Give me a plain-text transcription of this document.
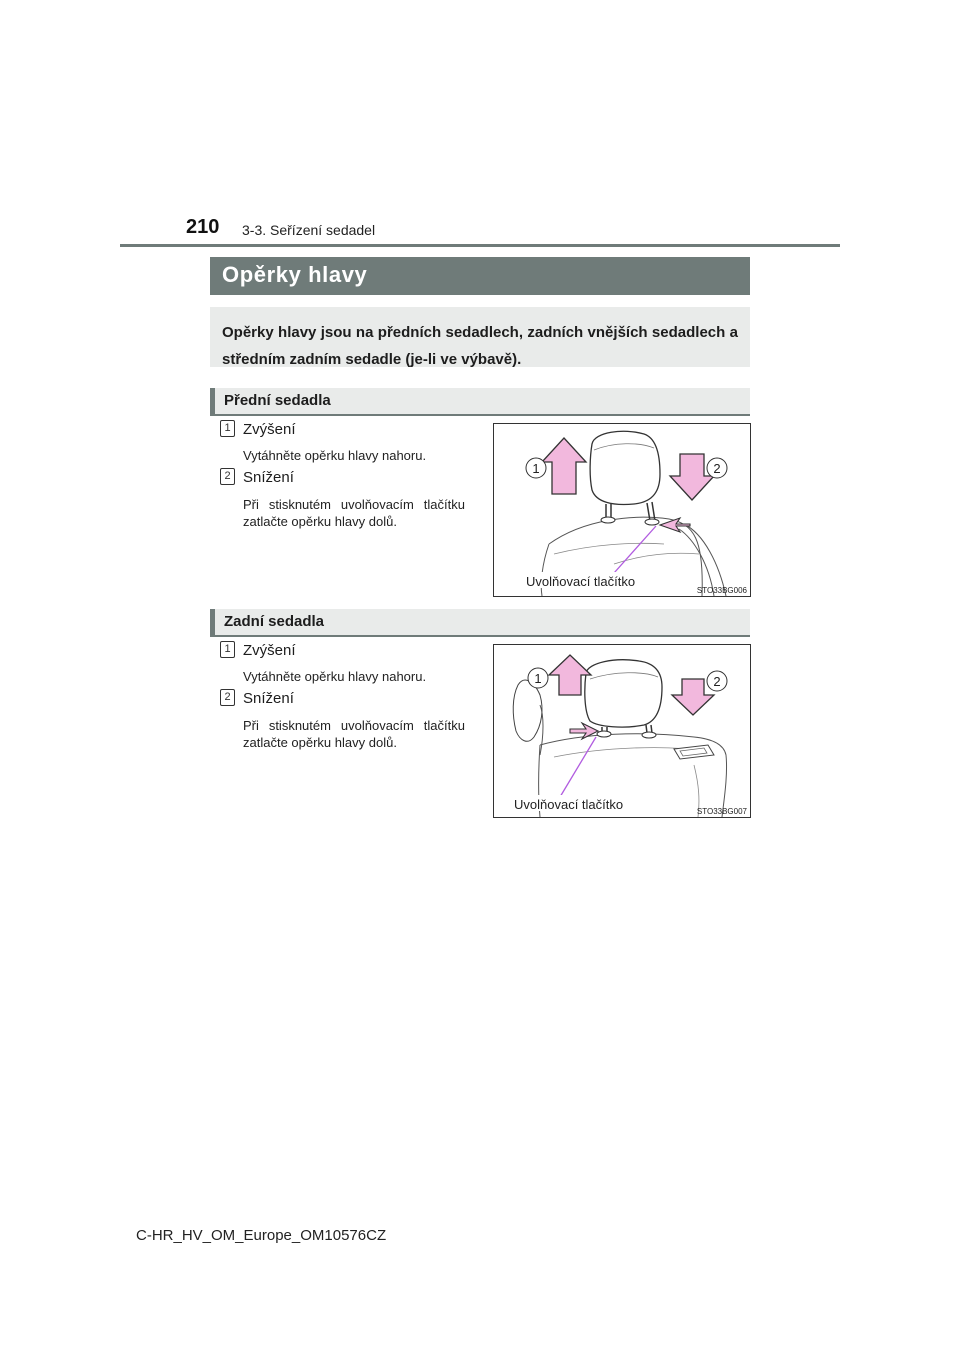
210 3-3. Seřízení sedadel
Opěrky hlavy

Opěrky hlavy jsou na předních sedadlech, zadních vnějších sedadlech a středním zadním sedadle (je-li ve výbavě).

Přední sedadla
1 Zvýšení

Vytáhněte opěrku hlavy nahoru.

2 Snížení

Při stisknutém uvolňovacím tlačítku zatlačte opěrku hlavy dolů.

1	2
Uvolňovací tlačítko
STO33BG006
Zadní sedadla
1 Zvýšení

Vytáhněte opěrku hlavy nahoru.

2 Snížení

Při stisknutém uvolňovacím tlačítku zatlačte opěrku hlavy dolů.

1	2
Uvolňovací tlačítko	STO33BG007
C-HR_HV_OM_Europe_OM10576CZ
